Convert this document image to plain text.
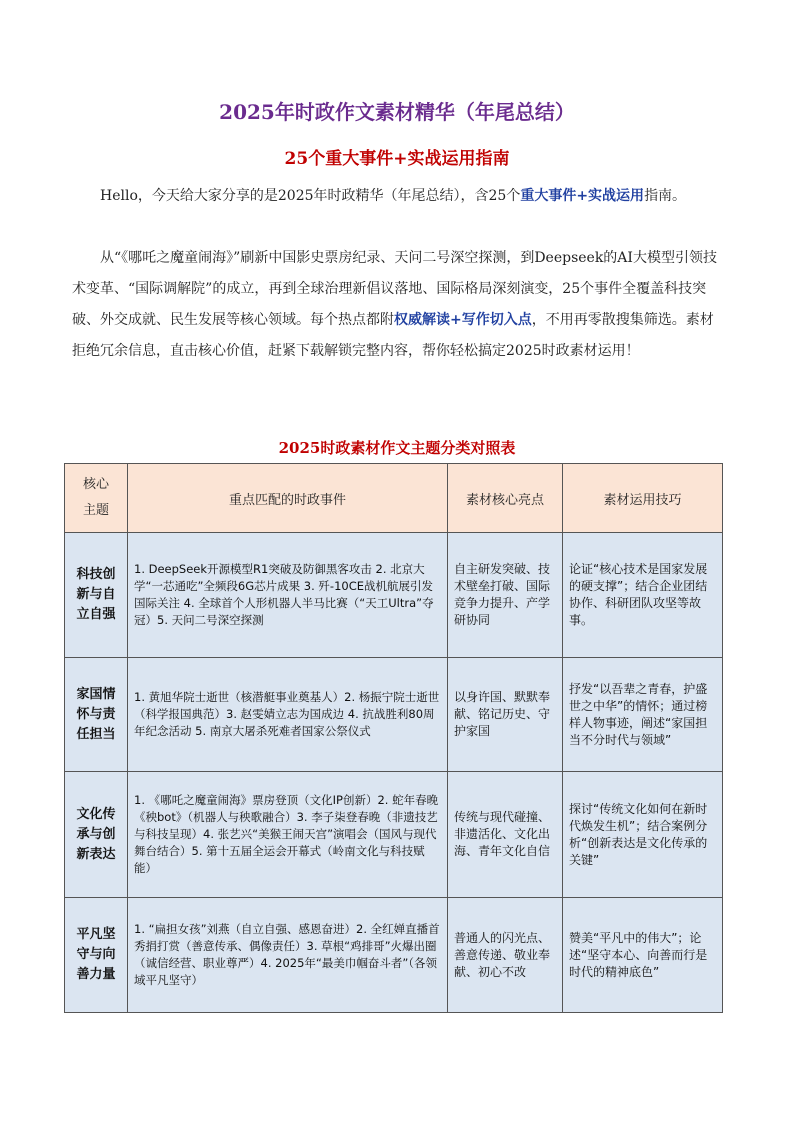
2025年时政作文素材精华（年尾总结）
25个重大事件+实战运用指南
Hello，今天给大家分享的是2025年时政精华（年尾总结），含25个重大事件+实战运用指南。
从“《哪吒之魔童闹海》”刷新中国影史票房纪录、天问二号深空探测，到Deepseek的AI大模型引领技术变革、“国际调解院”的成立，再到全球治理新倡议落地、国际格局深刻演变，25个事件全覆盖科技突破、外交成就、民生发展等核心领域。每个热点都附权威解读+写作切入点，不用再零散搜集筛选。素材拒绝冗余信息，直击核心价值，赶紧下载解锁完整内容，帮你轻松搞定2025时政素材运用！
2025时政素材作文主题分类对照表
核心
主题	重点匹配的时政事件	素材核心亮点	素材运用技巧
科技创新与自立自强	1. DeepSeek开源模型R1突破及防御黑客攻击 2. 北京大学“一芯通吃”全频段6G芯片成果 3. 歼-10CE战机航展引发国际关注 4. 全球首个人形机器人半马比赛（“天工Ultra”夺冠）5. 天问二号深空探测	自主研发突破、技术壁垒打破、国际竞争力提升、产学研协同	论证“核心技术是国家发展的硬支撑”；结合企业团结协作、科研团队攻坚等故事。
家国情怀与责任担当	1. 黄旭华院士逝世（核潜艇事业奠基人）2. 杨振宁院士逝世（科学报国典范）3. 赵雯婧立志为国成边 4. 抗战胜利80周年纪念活动 5. 南京大屠杀死难者国家公祭仪式	以身许国、默默奉献、铭记历史、守护家国	抒发“以吾辈之青春，护盛世之中华”的情怀；通过榜样人物事迹，阐述“家国担当不分时代与领域”
文化传承与创新表达	1. 《哪吒之魔童闹海》票房登顶（文化IP创新）2. 蛇年春晚《秧bot》（机器人与秧歌融合）3. 李子柒登春晚（非遗技艺与科技呈现）4. 张艺兴“美猴王闹天宫”演唱会（国风与现代舞台结合）5. 第十五届全运会开幕式（岭南文化与科技赋能）	传统与现代碰撞、非遗活化、文化出海、青年文化自信	探讨“传统文化如何在新时代焕发生机”；结合案例分析“创新表达是文化传承的关键”
平凡坚守与向善力量	1. “扁担女孩”刘燕（自立自强、感恩奋进）2. 全红婵直播首秀捐打赏（善意传承、偶像责任）3. 草根“鸡排哥”火爆出圈（诚信经营、职业尊严）4. 2025年“最美巾帼奋斗者”（各领域平凡坚守）	普通人的闪光点、善意传递、敬业奉献、初心不改	赞美“平凡中的伟大”；论述“坚守本心、向善而行是时代的精神底色”
